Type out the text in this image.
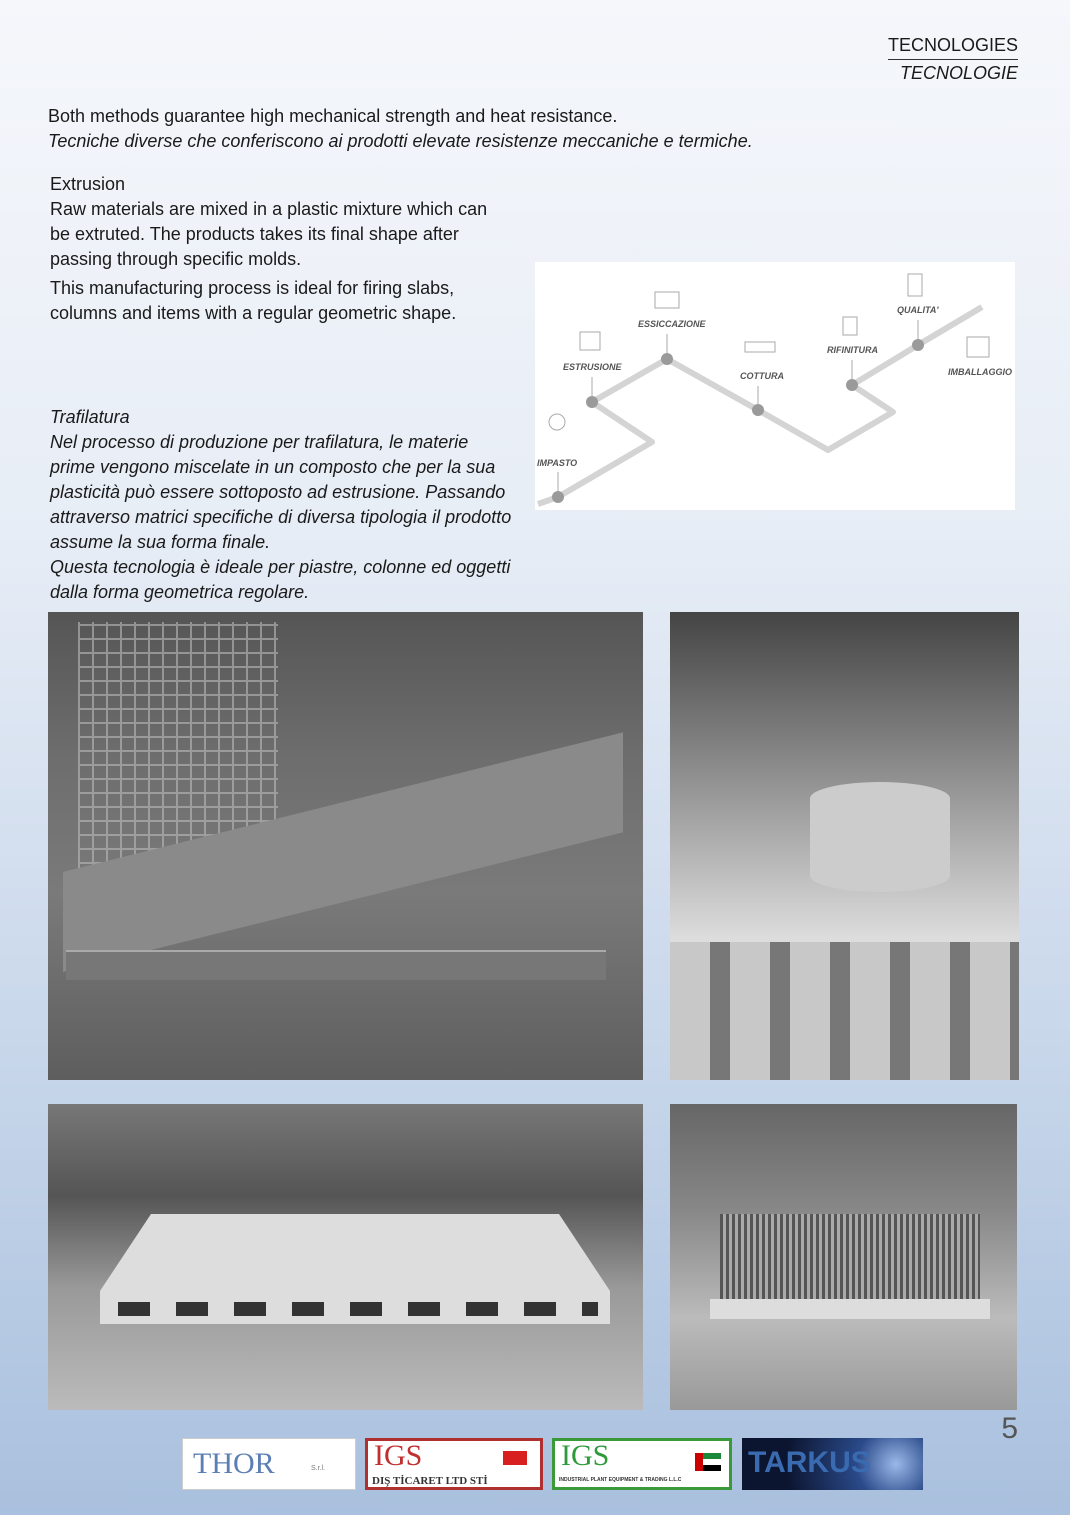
TECNOLOGIES
TECNOLOGIE
Both methods guarantee high mechanical strength and heat resistance.
Tecniche diverse che conferiscono ai prodotti elevate resistenze meccaniche e termiche.
Extrusion
Raw materials are mixed in a plastic mixture which can
be extruted. The products takes its final shape after
passing through specific molds.
This manufacturing process is ideal for firing slabs,
columns and items with a regular geometric shape.
Trafilatura
Nel processo di produzione per trafilatura, le materie
prime vengono miscelate in un composto che per la sua
plasticità può essere sottoposto ad estrusione. Passando
attraverso matrici specifiche di diversa tipologia il prodotto
assume la sua forma finale.
Questa tecnologia è ideale per piastre, colonne ed oggetti
dalla forma geometrica regolare.
IMPASTO
ESTRUSIONE
ESSICCAZIONE
COTTURA
RIFINITURA
QUALITA'
IMBALLAGGIO
5
THOR	S.r.l. IGS
DIŞ TİCARET LTD STİ
IGS
INDUSTRIAL PLANT EQUIPMENT & TRADING L.L.C
TARKUS
